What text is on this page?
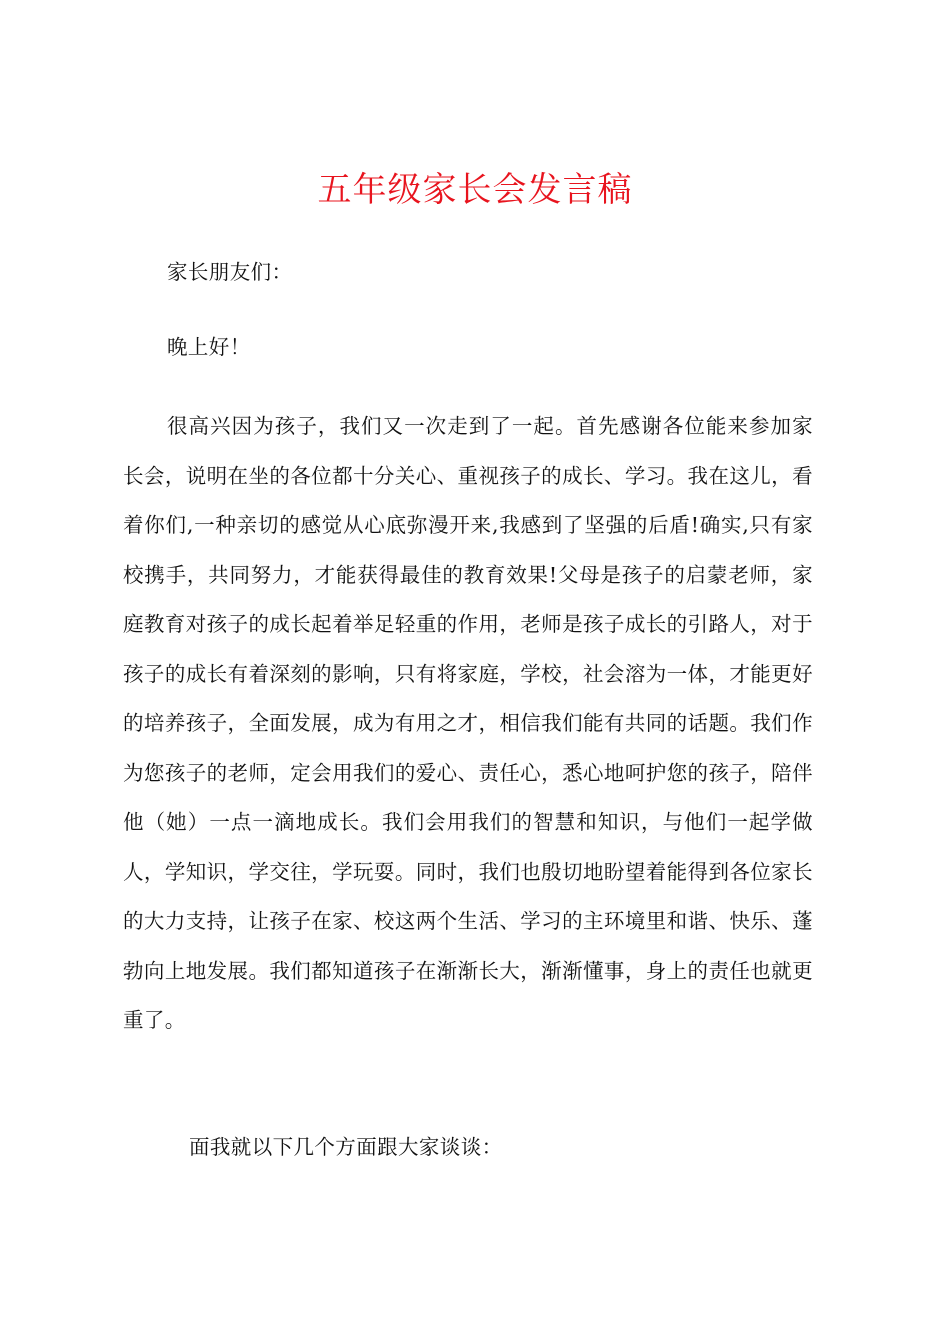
五年级家长会发言稿

家长朋友们：

晚上好！

很高兴因为孩子，我们又一次走到了一起。首先感谢各位能来参加家长会，说明在坐的各位都十分关心、重视孩子的成长、学习。我在这儿，看着你们,一种亲切的感觉从心底弥漫开来,我感到了坚强的后盾!确实,只有家校携手，共同努力，才能获得最佳的教育效果!父母是孩子的启蒙老师，家庭教育对孩子的成长起着举足轻重的作用，老师是孩子成长的引路人，对于孩子的成长有着深刻的影响，只有将家庭，学校，社会溶为一体，才能更好的培养孩子，全面发展，成为有用之才，相信我们能有共同的话题。我们作为您孩子的老师，定会用我们的爱心、责任心，悉心地呵护您的孩子，陪伴他（她）一点一滴地成长。我们会用我们的智慧和知识，与他们一起学做人，学知识，学交往，学玩耍。同时，我们也殷切地盼望着能得到各位家长的大力支持，让孩子在家、校这两个生活、学习的主环境里和谐、快乐、蓬勃向上地发展。我们都知道孩子在渐渐长大，渐渐懂事，身上的责任也就更重了。

面我就以下几个方面跟大家谈谈：
